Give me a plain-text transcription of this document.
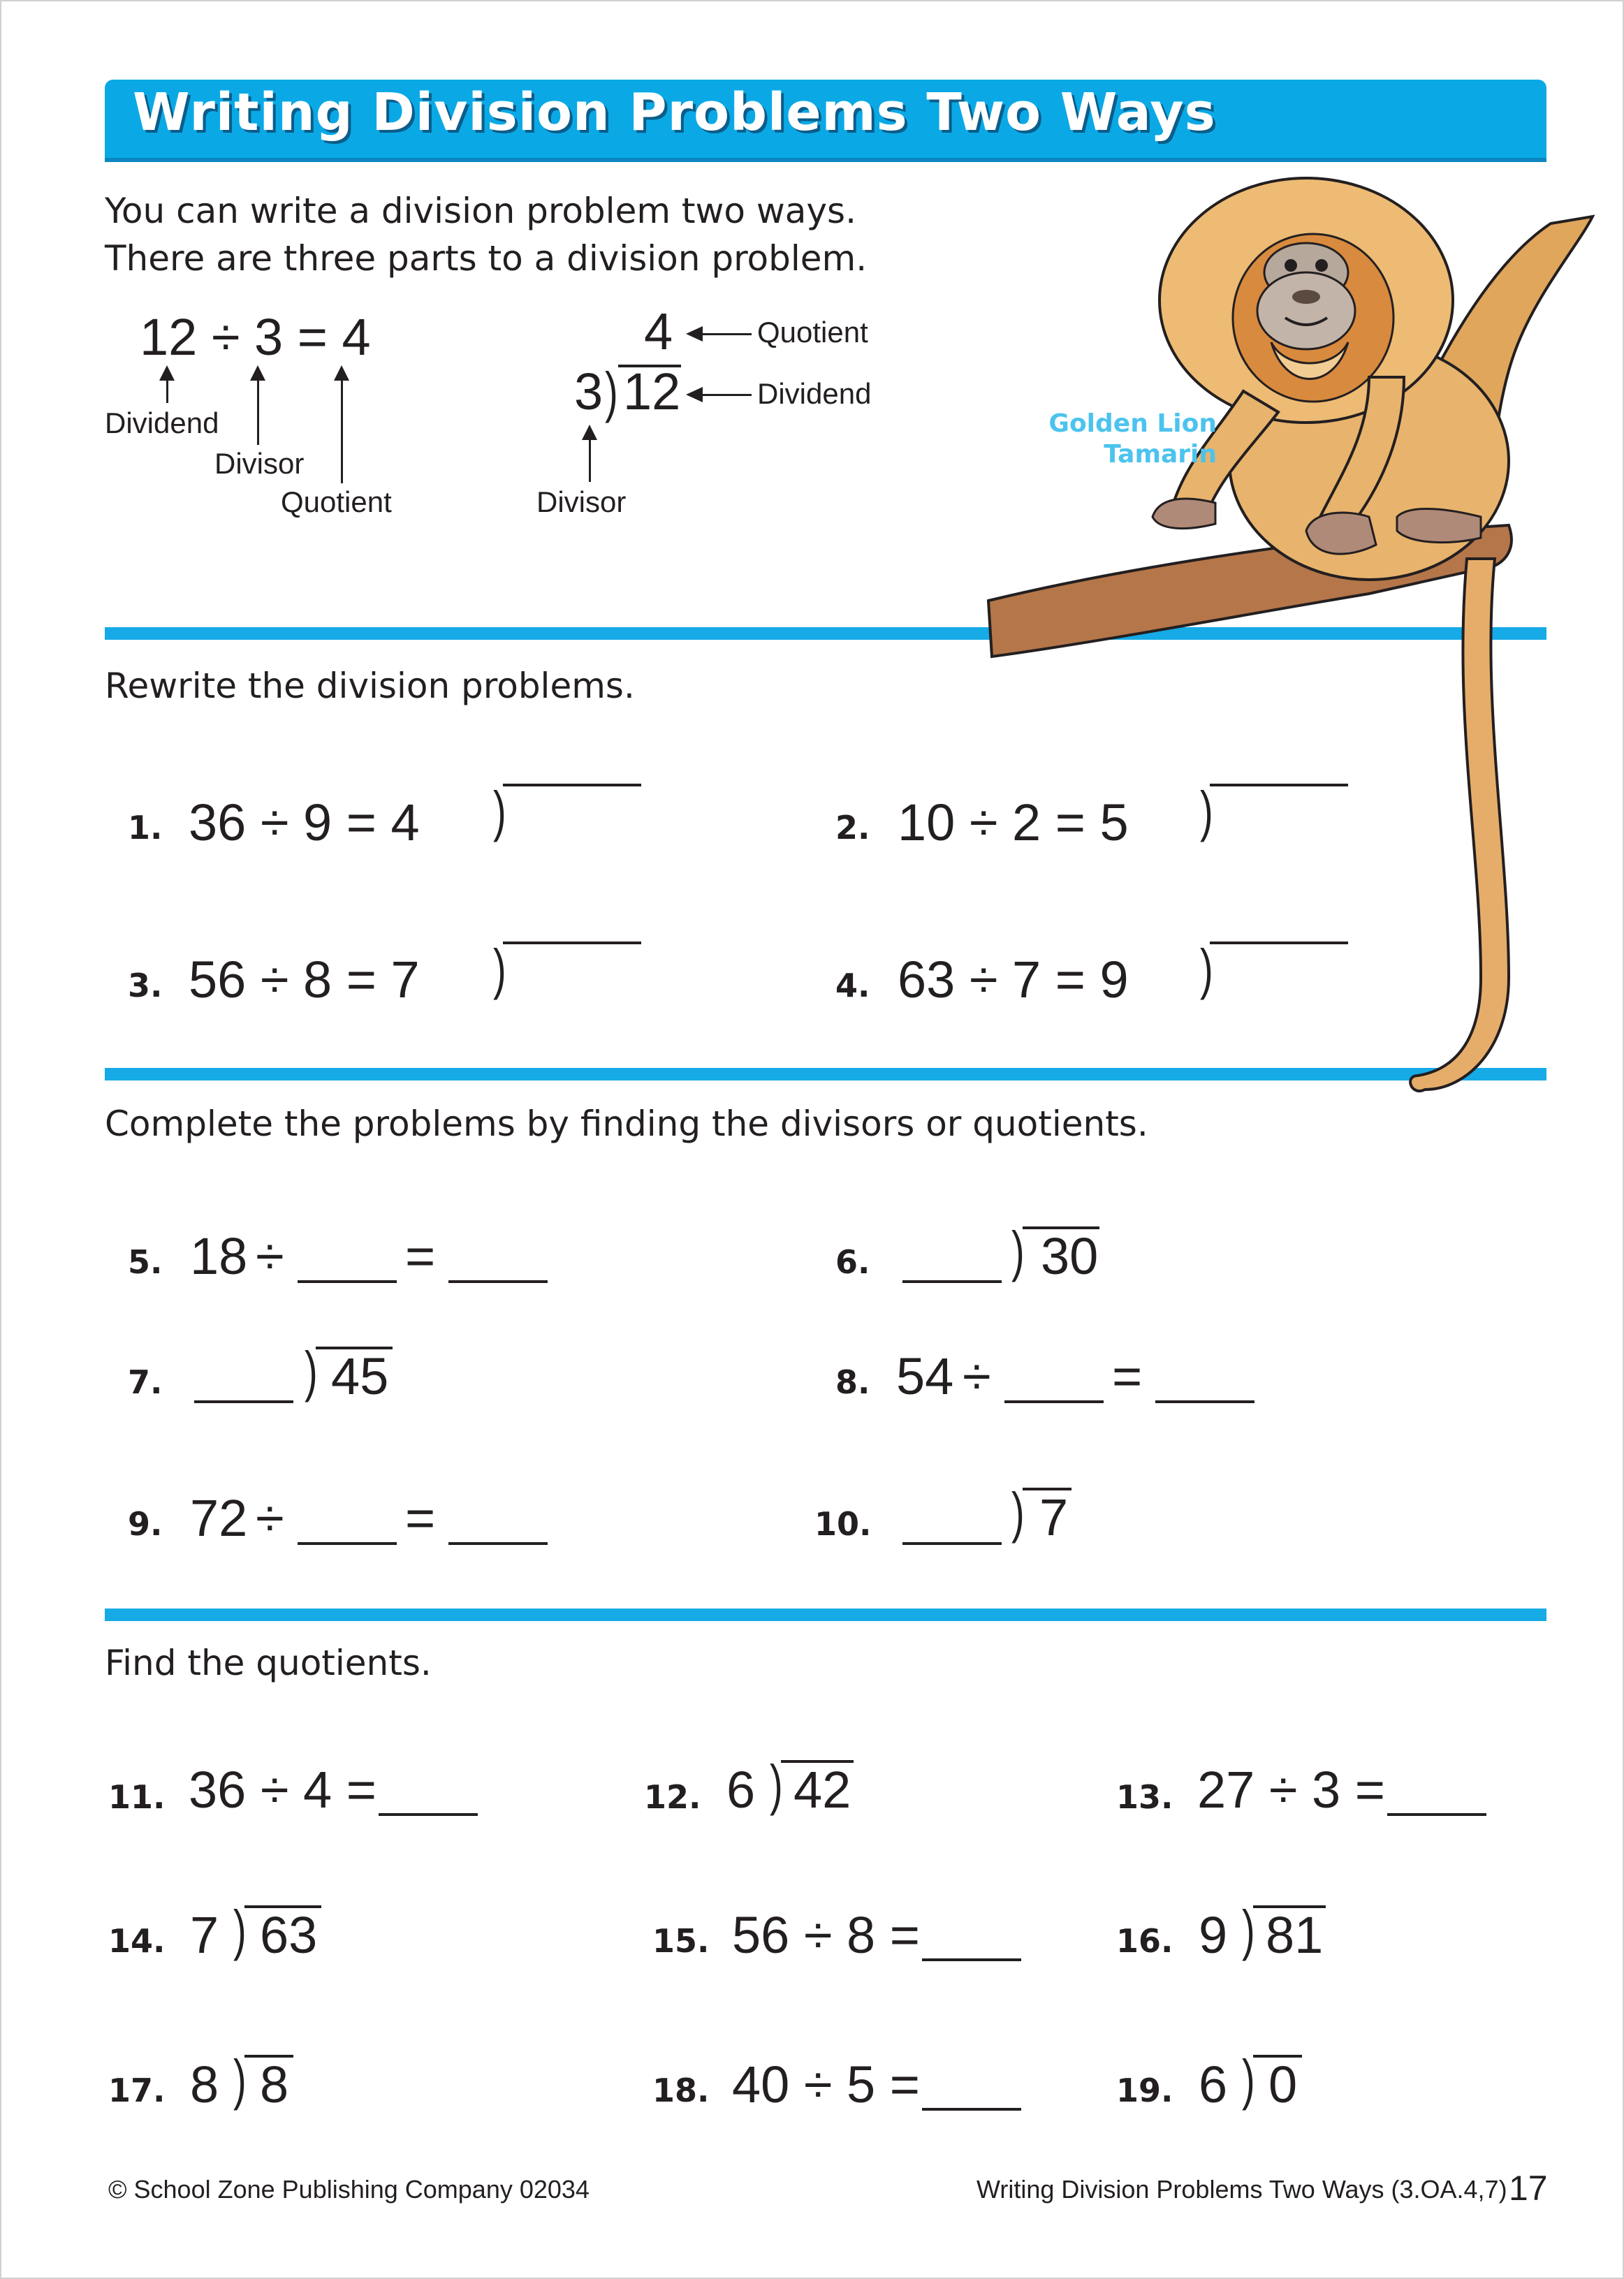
Writing Division Problems Two Ways
You can write a division problem two ways.
There are three parts to a division problem.
12 ÷ 3 = 4
Dividend
Divisor
Quotient
4	Quotient
3 ) 12	Dividend
Divisor
Golden Lion
Tamarin
Rewrite the division problems.
1. 36 ÷ 9 = 4 )	2. 10 ÷ 2 = 5 )
3. 56 ÷ 8 = 7 )	4. 63 ÷ 7 = 9 )
Complete the problems by finding the divisors or quotients.
5. 18 ÷ =	6.	) 30
7.	) 45	8. 54 ÷ =
9. 72 ÷ =	10.	) 7
Find the quotients.
11. 36 ÷ 4 =	12. 6 ) 42	13. 27 ÷ 3 =
14. 7 ) 63	15. 56 ÷ 8 =	16. 9 ) 81
17. 8 ) 8	18. 40 ÷ 5 =	19. 6 ) 0
© School Zone Publishing Company 02034	Writing Division Problems Two Ways (3.OA.4,7) 17
